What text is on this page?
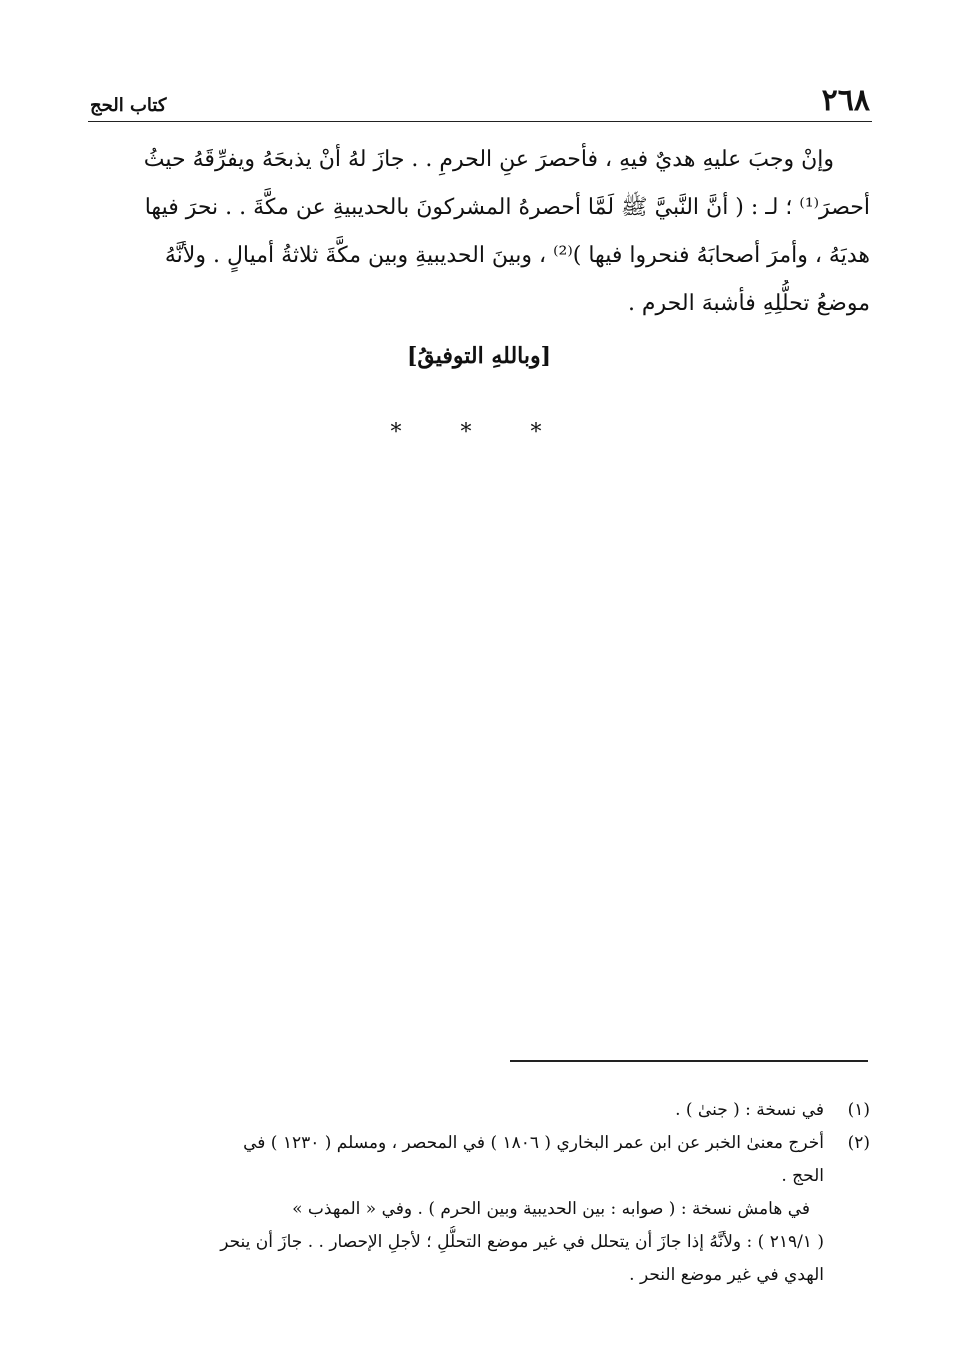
٢٦٨
كتاب الحج
وإنْ وجبَ عليهِ هديٌ فيهِ ، فأحصرَ عنِ الحرمِ . . جازَ لهُ أنْ يذبحَهُ ويفرِّقَهُ حيثُ
أحصرَ⁽¹⁾ ؛ لـ : ( أنَّ النَّبيَّ ﷺ لَمَّا أحصرهُ المشركونَ بالحديبيةِ عن مكَّةَ . . نحرَ فيها
هديَهُ ، وأمرَ أصحابَهُ فنحروا فيها )⁽²⁾ ، وبينَ الحديبيةِ وبين مكَّةَ ثلاثةُ أميالٍ . ولأنَّهُ
موضعُ تحلُّلِهِ فأشبهَ الحرم .
[وباللهِ التوفيقُ]
* * *
(١)
في نسخة : ( جنىٰ ) .
(٢)
أخرج معنىٰ الخبر عن ابن عمر البخاري ( ١٨٠٦ ) في المحصر ، ومسلم ( ١٢٣٠ ) في
الحج .
في هامش نسخة : ( صوابه : بين الحديبية وبين الحرم ) . وفي « المهذب »
( ٢١٩/١ ) : ولأنَّهُ إذا جازَ أن يتحلل في غير موضع التحلُّلِ ؛ لأجلِ الإحصار . . جازَ أن ينحر
الهدي في غير موضع النحر .
